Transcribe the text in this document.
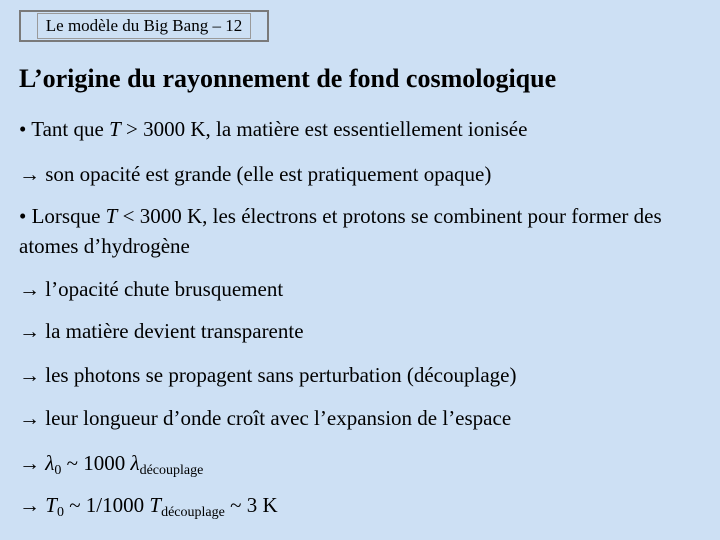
Le modèle du Big Bang – 12
L’origine du rayonnement de fond cosmologique
• Tant que T > 3000 K, la matière est essentiellement ionisée
→ son opacité est grande (elle est pratiquement opaque)
• Lorsque T < 3000 K, les électrons et protons se combinent pour former des atomes d’hydrogène
→ l’opacité chute brusquement
→ la matière devient transparente
→ les photons se propagent sans perturbation (découplage)
→ leur longueur d’onde croît avec l’expansion de l’espace
→ $\lambda_0$ ~ 1000 $\lambda_{découplage}$
→ $T_0$ ~ 1/1000 $T_{découplage}$ ~ 3 K
